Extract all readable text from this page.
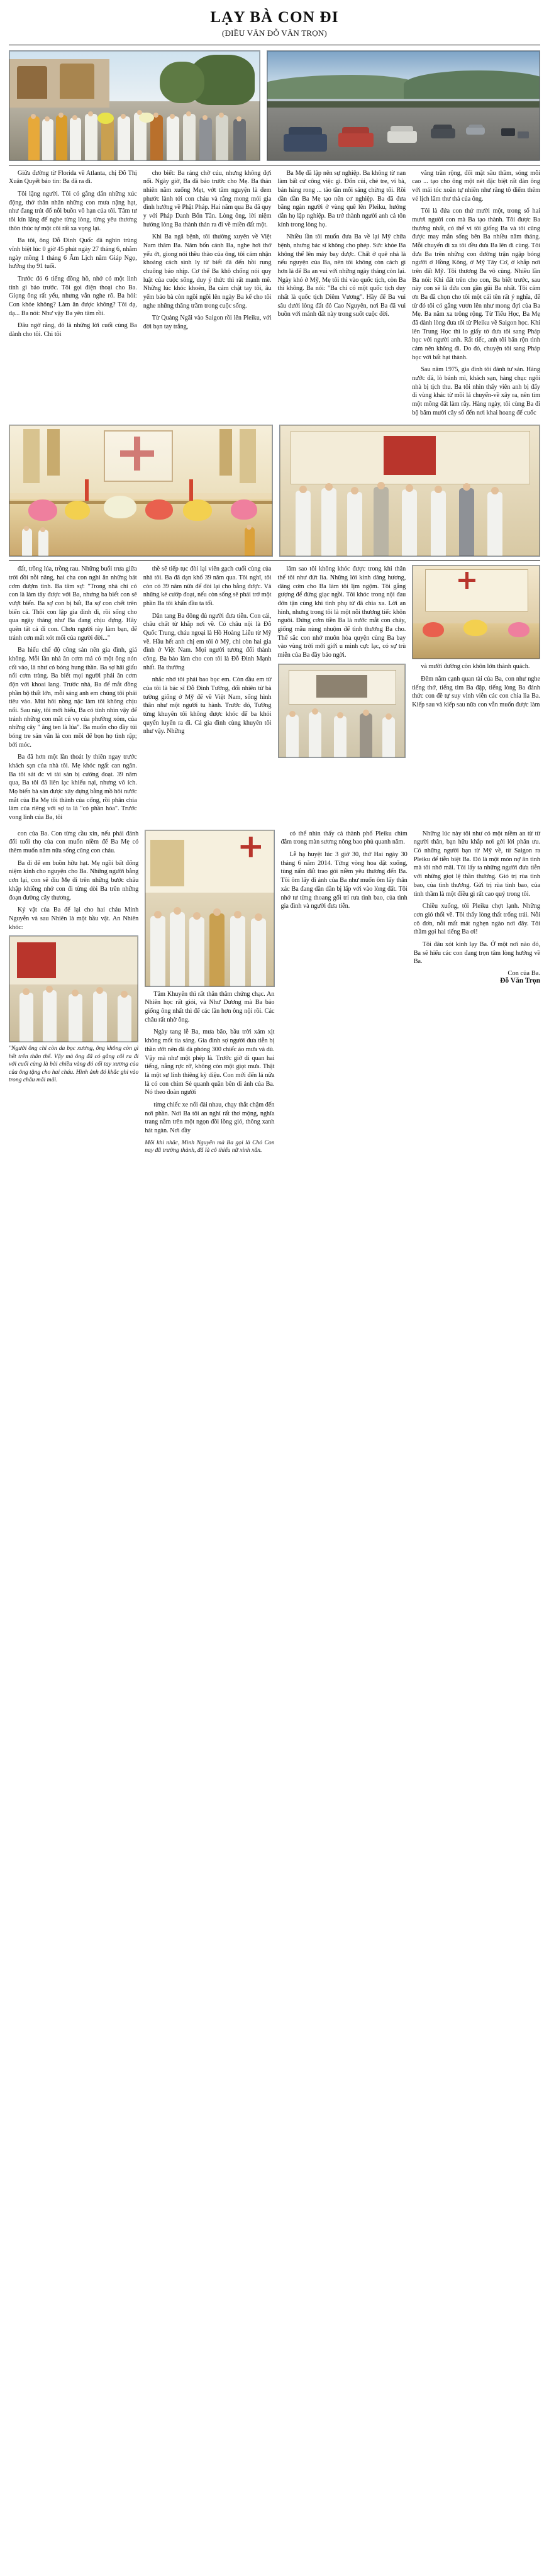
LẠY BÀ CON ĐI
(ĐIỀU VĂN ĐỖ VĂN TRỌN)

Giữa đường từ Florida về Atlanta, chị Đỗ Thị Xuân Quyết báo tin: Ba đã ra đi.

Tôi lặng người. Tôi có gắng dấn những xúc động, thở thân nhân những con mưa nặng hạt, như đang trút đổ nỗi buồn vô hạn của tôi. Tâm tư tôi kín lặng để nghe từng lòng, từng yêu thương thôn thúc tự một cõi rất xa vọng lại.

Ba tôi, ông Đỗ Đình Quốc đã nghìn trùng vĩnh biệt lúc 0 giờ 45 phút ngày 27 tháng 6, nhằm ngày mồng 1 tháng 6 Âm Lịch năm Giáp Ngọ, hưởng thọ 91 tuổi.

Trước đó 6 tiếng đồng hồ, nhớ có một linh tính gì bảo trước. Tôi gọi điện thoại cho Ba. Giọng ông rất yếu, nhưng vẫn nghe rõ. Ba hỏi: Con khỏe không? Làm ăn được không? Tôi dạ, dạ... Ba nói: Như vậy Ba yên tâm rồi.

Đâu ngờ rằng, đó là những lời cuối cùng Ba dành cho tôi. Chi tôi

cho biết: Ba ráng chờ cúu, nhưng không đợi nổi. Ngày giờ, Ba đã bảo trước cho Mẹ. Ba thản nhiên nằm xuống Mẹt, vớt tâm nguyện là đem phước lành tới con cháu và rắng mong mỏi gia đình hướng về Phật Pháp. Hai năm qua Ba đã quy y với Pháp Danh Bổn Tần. Lòng ông, lời niệm hướng lòng Ba thành thản ra đi về miền đất một.

Khi Ba ngã bệnh, tôi thường xuyên về Việt Nam thăm Ba. Năm bốn cánh Ba, nghe hơi thở yếu ớt, giong nói thều thào của ông, tôi cảm nhận khoảng cách sinh ly từ biết đã đến hồi rung chuông báo nhịp. Cơ thể Ba khô chống nói quy luật của cuộc sống, duy ý thức thì rất mạnh mẽ. Những lúc khóc khoẻn, Ba cảm chặt tay tôi, âu yếm bảo bà còn ngồi ngồi lên ngày Ba kể cho tôi nghe những thăng trầm trong cuộc sống.

Từ Quảng Ngãi vào Saigon rồi lên Pleiku, với đời bạn tay trắng,

Ba Mẹ đã lập nên sự nghiệp. Ba không từ nan làm bất cứ công việc gì. Đốn củi, chẻ tre, ví bà, bán hàng rong ... tảo tần mỗi sáng chừng tối. Rồi dần dần Ba Mẹ tạo nên cơ nghiệp. Ba đã đưa bằng ngàn người ở vùng quê lên Pleiku, hướng dẫn họ lập nghiệp. Ba trở thành người anh cả tôn kính trong lòng họ.

Nhiều lần tôi muốn đưa Ba về lại Mỹ chữa bệnh, nhưng bác sĩ không cho phép. Sức khỏe Ba không thể lên máy bay được. Chất ở quê nhà là nếu nguyện của Ba, nên tôi không còn cách gì hơn là để Ba an vui với những ngày tháng còn lại. Ngày khó ở Mỹ, Mẹ tôi thì vào quốc tịch, còn Ba thì không. Ba nói: "Ba chỉ có một quốc tịch duy nhất là quốc tịch Diêm Vương". Hầy để Ba vui sâu dưới lòng đất đỏ Cao Nguyên, nơi Ba đã vui buồn với mảnh đất này trong suốt cuộc đời.

vẳng trần rộng, đối mặt sầu thầm, sóng mỗi cao ... tạo cho ông một nét đặc biệt rất đàn ông với mái tóc xoăn tự nhiên như răng tô điểm thêm vẻ lịch lãm thư thả của ông.

Tôi là đứa con thứ mười một, trong số hai mươi người con mà Ba tạo thành. Tôi được Ba thương nhất, có thể vì tôi giống Ba và tôi cũng được may mắn sống bên Ba nhiều năm tháng. Mỗi chuyến đi xa tôi đều đưa Ba lên đi cùng. Tôi đưa Ba trên những con đường trận ngập bóng người ở Hồng Kông, ở Mỹ Tây Cơ, ở khắp nơi trên đất Mỹ. Tôi thương Ba vô cùng. Nhiều lần Ba nói: Khi đất trên cho con, Ba biết trước, sau này con sẽ là đứa con gần gũi Ba nhất. Tôi cảm ơn Ba đã chọn cho tôi một cái tên rất ý nghĩa, để từ đó tôi có gắng vươn lên như mong đợi của Ba Mẹ. Ba nắm xa trông rộng. Từ Tiểu Học, Ba Mẹ đã dành lòng đưa tôi từ Pleiku về Saigon học. Khi lên Trung Học thì lo giấy tờ đưa tôi sang Pháp học với người anh. Rất tiếc, anh tôi bấn rộn tình cảm nên không đi. Do đó, chuyện tôi sang Pháp học với bất hạt thành.

Sau năm 1975, gia đình tôi đánh tư sản. Hàng nước đá, lò bánh mì, khách sạn, hàng chục ngôi nhà bị tịch thu. Ba tôi nhìn thấy viên anh bị đấy đi vùng khác từ mồi lá chuyển-về xây ra, nên tìm một mồng đất làm rẫy. Hàng ngày, tôi cùng Ba đi bộ băm mười cây số đến nơi khai hoang để cuốc

đất, trồng lúa, trồng rau. Những buổi trưa giữa trời đồi nỗi năng, hai cha con nghỉ ăn những bát cơm đượm tình. Ba tâm sự: "Trong nhà chỉ có con là làm tây được với Ba, nhưng ba biết con sẽ vượt biển. Ba sợ con bị bất, Ba sợ con chết trên biển cả. Thôi con lập gia đình đi, rồi sống cho qua ngày tháng như Ba đang chịu đựng. Hãy quên tất cả đi con. Chơn người rày làm bạn, để tránh cơn mất xót mối của người đời..."

Ba hiểu chế độ công sản nên gia đình, giá không. Mỗi lần nhà ăn cơm má có một ông nón cối vào, là như có bóng hung thần. Ba sợ hãi giấu nổi cơm tràng. Ba biết mọi người phải ăn cơm độn với khoai lang. Trước nhà, Ba để mắt đồng phần bộ thất lớn, mỗi sáng anh em chúng tôi phải tiêu vào. Mùi hôi nồng nặc làm tôi không chịu nổi. Sau này, tôi mới hiểu, Ba có tính nhìn vậy để tránh những con mắt cú vọ của phường xóm, của những cây " ăng ten là lúa". Ba muốn cho đầy túi bóng tre sản vẫn là con mồi để bọn họ tình rập; bới móc.

Ba đã hơn một lần thoát ly thiên ngay trước khách sạn của nhà tôi. Mẹ khóc ngất can ngăn. Ba tôi sát đc vì tài sản bị cướng đoạt. 39 năm qua, Ba tôi đã liên lạc khiếu nại, nhưng vô ích. Mọ biến bà sản được xây dựng bằng mồ hôi nước mắt của Ba Mẹ tôi thành của cổng, rồi phân chia làm của riêng với sợ ta là "có phần hóa". Trước vong linh của Ba, tôi

thề sẽ tiếp tục đòi lại viên gạch cuối cùng của nhà tôi. Ba đã dạn khổ 39 năm qua. Tôi nghĩ, tôi còn có 39 năm nữa để đòi lại cho bằng được. Và những kẻ cướp đoạt, nếu còn sống sẽ phải trở một phần Ba tôi khẩn đầu ta tối.

Dân tang Ba đông đủ người đưa tiễn. Con cái, châu chất từ khắp nơi về. Có châu nội là Đỗ Quốc Trung, cháu ngoại là Hồ Hoàng Liễu từ Mỹ về. Hầu hết anh chị em tôi ở Mỹ, chỉ còn hai gia đình ở Việt Nam. Mọi người tương đối thành công. Ba bảo làm cho con tôi là Đỗ Đình Mạnh nhất. Ba thường

nhắc nhở tôi phải bao bọc em. Còn đầu em từ của tôi là bác sĩ Đỗ Đình Tường, đổi nhiên từ bà tường giống ở Mỹ để về Việt Nam, sống hình thân như một người tu hành. Trước đó, Tường từng khuyên tôi không được khóc để ba khỏi quyến luyến ra đi. Cả gia đình cùng khuyên tôi như vậy. Những

lâm sao tôi không khóc được trong khi thân thể tôi như đứt lìa. Những lời kinh dâng hương, dâng cơm cho Ba làm tôi lịm ngộm. Tôi gắng gượng để đứng giạc ngồi. Tôi khóc trong nội đau đớn tận cùng khi tình phụ tử đã chia xa. Lời an hình, nhưng trong tôi là một nỗi thương tiếc khôn nguôi. Đứng cơm tiền Ba là nước mắt con chảy, giống mẫu nùng nhuộm để tình thương Ba cho. Thế sắc con nhớ muôn hòa quyện cùng Ba bay vào vùng trời mới giới u minh cực lạc, có sự trù miễn của Ba đầy bảo ngời.

và mười đường còn khôn lớn thành quách.

Đêm nằm cạnh quan tài của Ba, con như nghe tiếng thở, tiếng tim Ba đập, tiếng lòng Ba đánh thức con đề tự suy vinh viễn các con chia lìa Ba. Kiếp sau và kiếp sau nữa con vẫn muốn được làm

con của Ba. Con từng cầu xin, nếu phải đánh đổi tuổi thọ của con muốn niềm để Ba Mẹ có thêm muốn năm nữa sống cũng con cháu.

Ba đi để em buồn hữu hạt. Mẹ ngồi bất đống niệm kinh cho nguyện cho Ba. Những người bằng cơn lại, con sẽ đìu Mẹ đi trên những bước châu khập khiễng nhớ con đi từng dòi Ba trên những đoạn đường cây thương.

Ký vật của Ba để lại cho hai cháu Minh Nguyễn và sau Nhiên là một bầu vật. An Nhiên khóc:

"Người ông chỉ còn da bọc xương, ông không còn gì hết trên thân thể. Vậy mà ông đã có gắng cõi ra đi với cuối cùng là bài chiều vàng đó cối tay xương của của ông tặng cho hai cháu. Hình ảnh đó khắc ghi vào trong châu mãi mãi.

Tâm Khuyên thì rất thân thâm chứng chạc. An Nhiên học rất giỏi, và Như Dương mà Ba bảo giống ông nhất thì để các lần hơn ông nội rồi. Các châu rất nhờ ông.

Ngày tang lễ Ba, mưa bão, bầu trời xám xịt không mốt tia sáng. Gia đình sợ người đưa tiễn bị thần ướt nên đã đà phóng 300 chiếc áo mưa và dù. Vậy mà như một phép là. Trước giờ di quan hai tiếng, nắng rực rỡ, không còn một giọt mưa. Thật là một sự linh thiêng kỳ diệu. Con mới đến lá nữa là có con chim Sẻ quanh quần bên di ảnh của Ba. Nó theo đoàn người

từng chiếc xe nối đài nhau, chạy thắt chậm đến nơi phần. Nơi Ba tôi an nghỉ rất thơ mộng, nghĩa trang nằm trên một ngọn đồi lồng gió, thông xanh hát ngàn. Nơi đầy

Mỗi khi nhắc, Minh Nguyễn mà Ba gọi là Chó Con nay đã trưởng thành, đã là cô thiếu nữ xinh xắn.

có thể nhìn thấy cả thành phố Pleiku chìm đắm trong màn sương nông bao phủ quanh năm.

Lễ hạ huyệt lúc 3 giờ 30, thứ Hai ngày 30 tháng 6 năm 2014. Từng vòng hoa đặt xuống, tùng nấm đất trao gói niềm yêu thương đến Ba. Tôi ôm lấy đi ảnh của Ba như muốn ôm lấy thân xác Ba đang dần dần bị lấp với vào lòng đất. Tôi nhớ tư từng thoang gối tri rưa tình bao, của tình gia đình và người đưa tiễn.

Những lúc này tôi như có một niềm an từ từ người thân, bạn hữu khắp nơi gởi lời phân ưu. Có những người bạn từ Mỹ về, từ Saigon ra Pleiku để tiễn biệt Ba. Đó là một món nợ ân tình mà tôi nhớ mãi. Tôi lấy ta những người đưa tiễn với những giọt lệ thần thương. Gió trị rùa tình bao, của tình thương. Gửi trị rùa tình bao, của tình thầm là một điều gì rất cao quý trong tôi.

Chiều xuống, tôi Pleiku chợt lạnh. Những cơn gió thổi về. Tôi thấy lòng thất trống trải. Nỗi cô đơn, nỗi mất mát nghẹn ngào nơi đây. Tôi thầm gọi hai tiếng Ba ơi!

Tôi đâu xót kính lạy Ba. Ở một nơi nào đó, Ba sẽ hiểu các con đang trọn tâm lòng hướng về Ba.

Con của Ba.
Đỗ Văn Trọn
